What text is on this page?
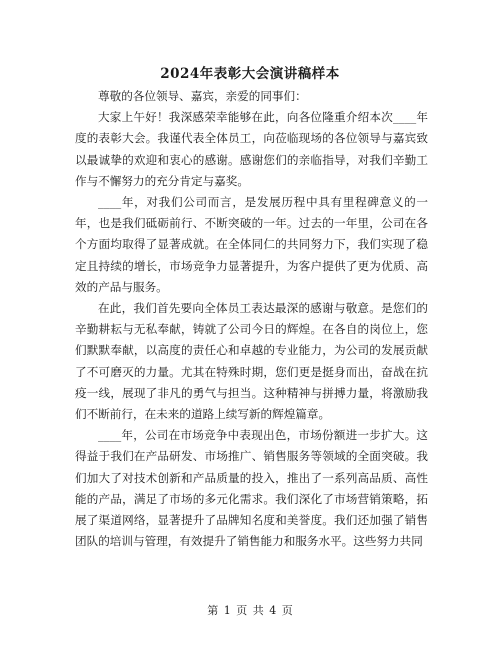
2024年表彰大会演讲稿样本

尊敬的各位领导、嘉宾，亲爱的同事们：

大家上午好！我深感荣幸能够在此，向各位隆重介绍本次____年度的表彰大会。我谨代表全体员工，向莅临现场的各位领导与嘉宾致以最诚挚的欢迎和衷心的感谢。感谢您们的亲临指导，对我们辛勤工作与不懈努力的充分肯定与嘉奖。

____年，对我们公司而言，是发展历程中具有里程碑意义的一年，也是我们砥砺前行、不断突破的一年。过去的一年里，公司在各个方面均取得了显著成就。在全体同仁的共同努力下，我们实现了稳定且持续的增长，市场竞争力显著提升，为客户提供了更为优质、高效的产品与服务。

在此，我们首先要向全体员工表达最深的感谢与敬意。是您们的辛勤耕耘与无私奉献，铸就了公司今日的辉煌。在各自的岗位上，您们默默奉献，以高度的责任心和卓越的专业能力，为公司的发展贡献了不可磨灭的力量。尤其在特殊时期，您们更是挺身而出，奋战在抗疫一线，展现了非凡的勇气与担当。这种精神与拼搏力量，将激励我们不断前行，在未来的道路上续写新的辉煌篇章。

____年，公司在市场竞争中表现出色，市场份额进一步扩大。这得益于我们在产品研发、市场推广、销售服务等领域的全面突破。我们加大了对技术创新和产品质量的投入，推出了一系列高品质、高性能的产品，满足了市场的多元化需求。我们深化了市场营销策略，拓展了渠道网络，显著提升了品牌知名度和美誉度。我们还加强了销售团队的培训与管理，有效提升了销售能力和服务水平。这些努力共同

第 1 页 共 4 页
